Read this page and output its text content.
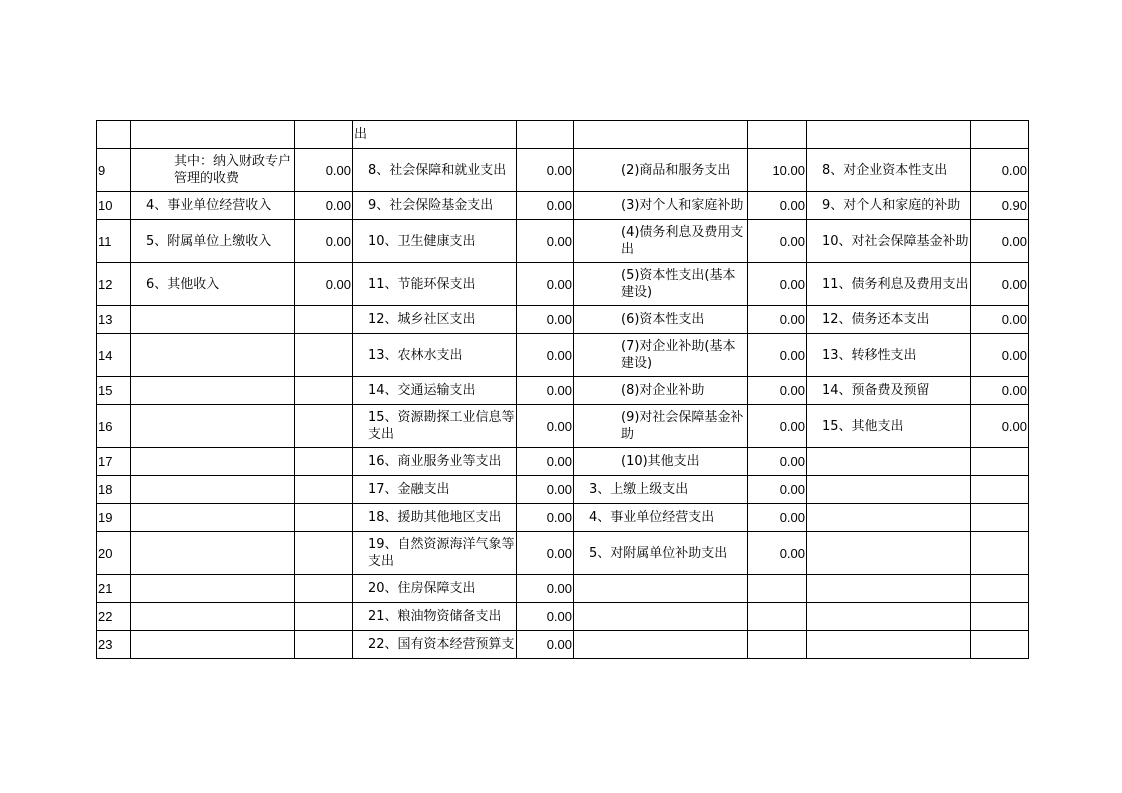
			出					

9	其中：纳入财政专户管理的收费	0.00	8、社会保障和就业支出	0.00	(2)商品和服务支出	10.00	8、对企业资本性支出	0.00
10	4、事业单位经营收入	0.00	9、社会保险基金支出	0.00	(3)对个人和家庭补助	0.00	9、对个人和家庭的补助	0.90
11	5、附属单位上缴收入	0.00	10、卫生健康支出	0.00	(4)债务利息及费用支出	0.00	10、对社会保障基金补助	0.00
12	6、其他收入	0.00	11、节能环保支出	0.00	(5)资本性支出(基本建设)	0.00	11、债务利息及费用支出	0.00
13			12、城乡社区支出	0.00	(6)资本性支出	0.00	12、债务还本支出	0.00
14			13、农林水支出	0.00	(7)对企业补助(基本建设)	0.00	13、转移性支出	0.00
15			14、交通运输支出	0.00	(8)对企业补助	0.00	14、预备费及预留	0.00
16			15、资源勘探工业信息等支出	0.00	(9)对社会保障基金补助	0.00	15、其他支出	0.00
17			16、商业服务业等支出	0.00	(10)其他支出	0.00		
18			17、金融支出	0.00	3、上缴上级支出	0.00		
19			18、援助其他地区支出	0.00	4、事业单位经营支出	0.00		
20			19、自然资源海洋气象等支出	0.00	5、对附属单位补助支出	0.00		
21			20、住房保障支出	0.00				
22			21、粮油物资储备支出	0.00				
23			22、国有资本经营预算支	0.00				
